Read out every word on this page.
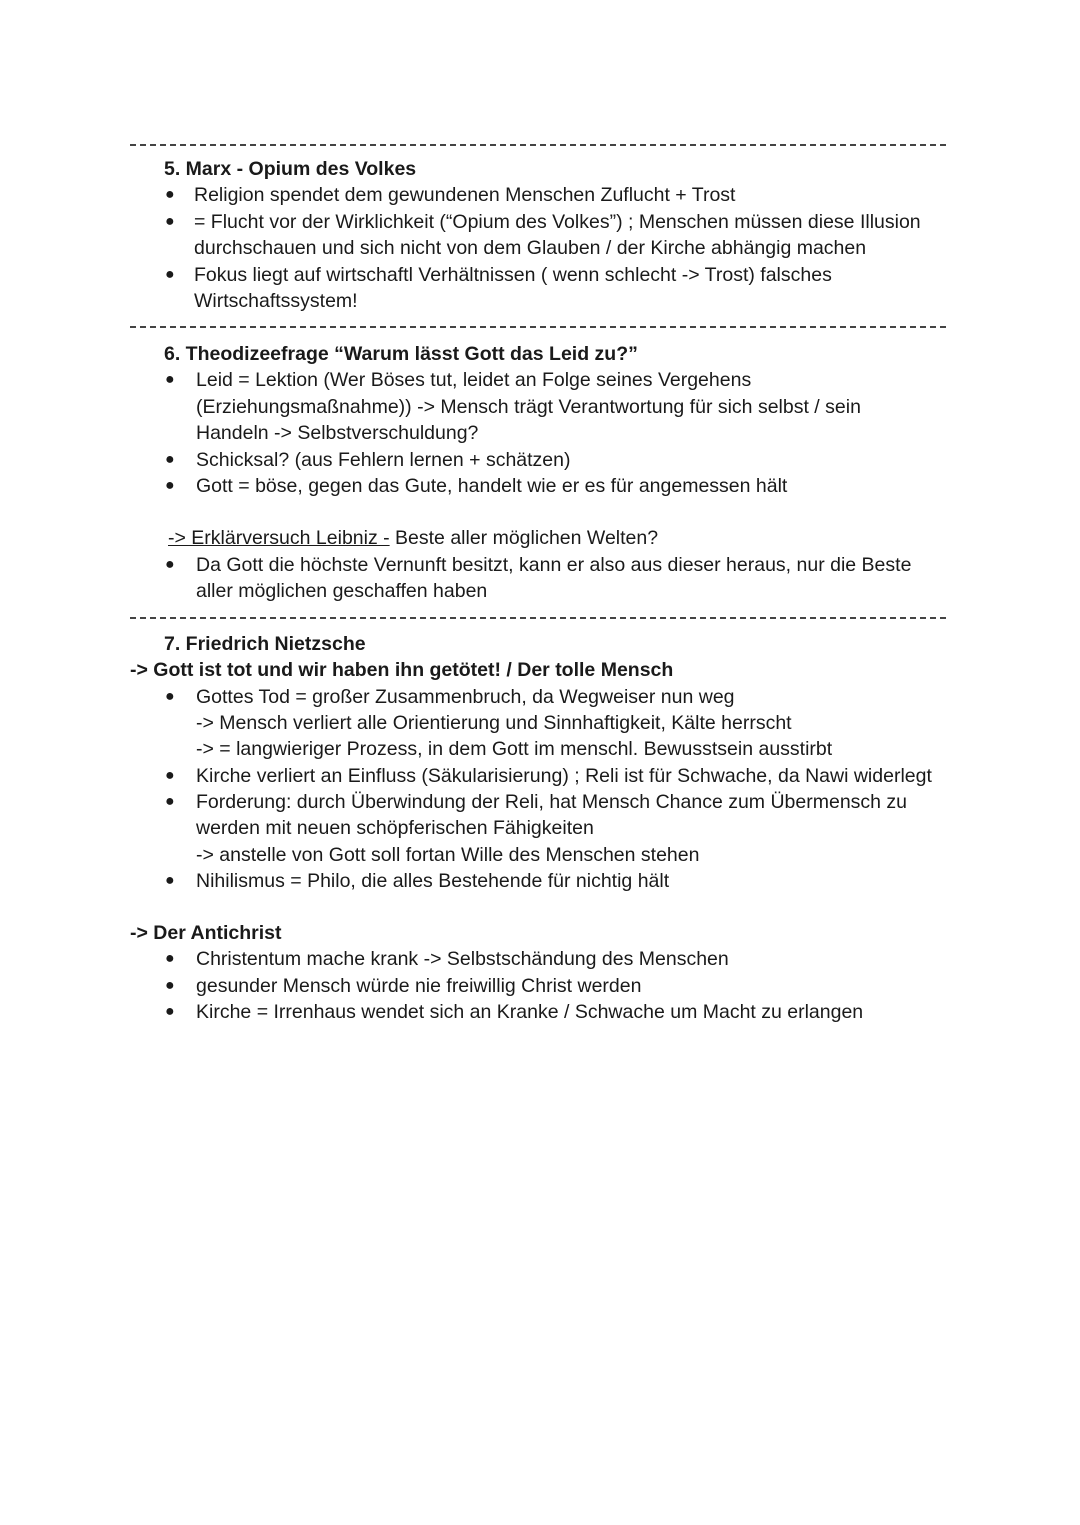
5. Marx - Opium des Volkes
● Religion spendet dem gewundenen Menschen Zuflucht + Trost
● = Flucht vor der Wirklichkeit (“Opium des Volkes”) ; Menschen müssen diese Illusion
durchschauen und sich nicht von dem Glauben / der Kirche abhängig machen
● Fokus liegt auf wirtschaftl Verhältnissen ( wenn schlecht -> Trost) falsches
Wirtschaftssystem!
6. Theodizeefrage “Warum lässt Gott das Leid zu?”
● Leid = Lektion (Wer Böses tut, leidet an Folge seines Vergehens
(Erziehungsmaßnahme)) -> Mensch trägt Verantwortung für sich selbst / sein
Handeln -> Selbstverschuldung?
● Schicksal? (aus Fehlern lernen + schätzen)
● Gott = böse, gegen das Gute, handelt wie er es für angemessen hält
-> Erklärversuch Leibniz - Beste aller möglichen Welten?
● Da Gott die höchste Vernunft besitzt, kann er also aus dieser heraus, nur die Beste
aller möglichen geschaffen haben
7. Friedrich Nietzsche
-> Gott ist tot und wir haben ihn getötet! / Der tolle Mensch
● Gottes Tod = großer Zusammenbruch, da Wegweiser nun weg
-> Mensch verliert alle Orientierung und Sinnhaftigkeit, Kälte herrscht
-> = langwieriger Prozess, in dem Gott im menschl. Bewusstsein ausstirbt
● Kirche verliert an Einfluss (Säkularisierung) ; Reli ist für Schwache, da Nawi widerlegt
● Forderung: durch Überwindung der Reli, hat Mensch Chance zum Übermensch zu
werden mit neuen schöpferischen Fähigkeiten
-> anstelle von Gott soll fortan Wille des Menschen stehen
● Nihilismus = Philo, die alles Bestehende für nichtig hält
-> Der Antichrist
● Christentum mache krank -> Selbstschändung des Menschen
● gesunder Mensch würde nie freiwillig Christ werden
● Kirche = Irrenhaus wendet sich an Kranke / Schwache um Macht zu erlangen
